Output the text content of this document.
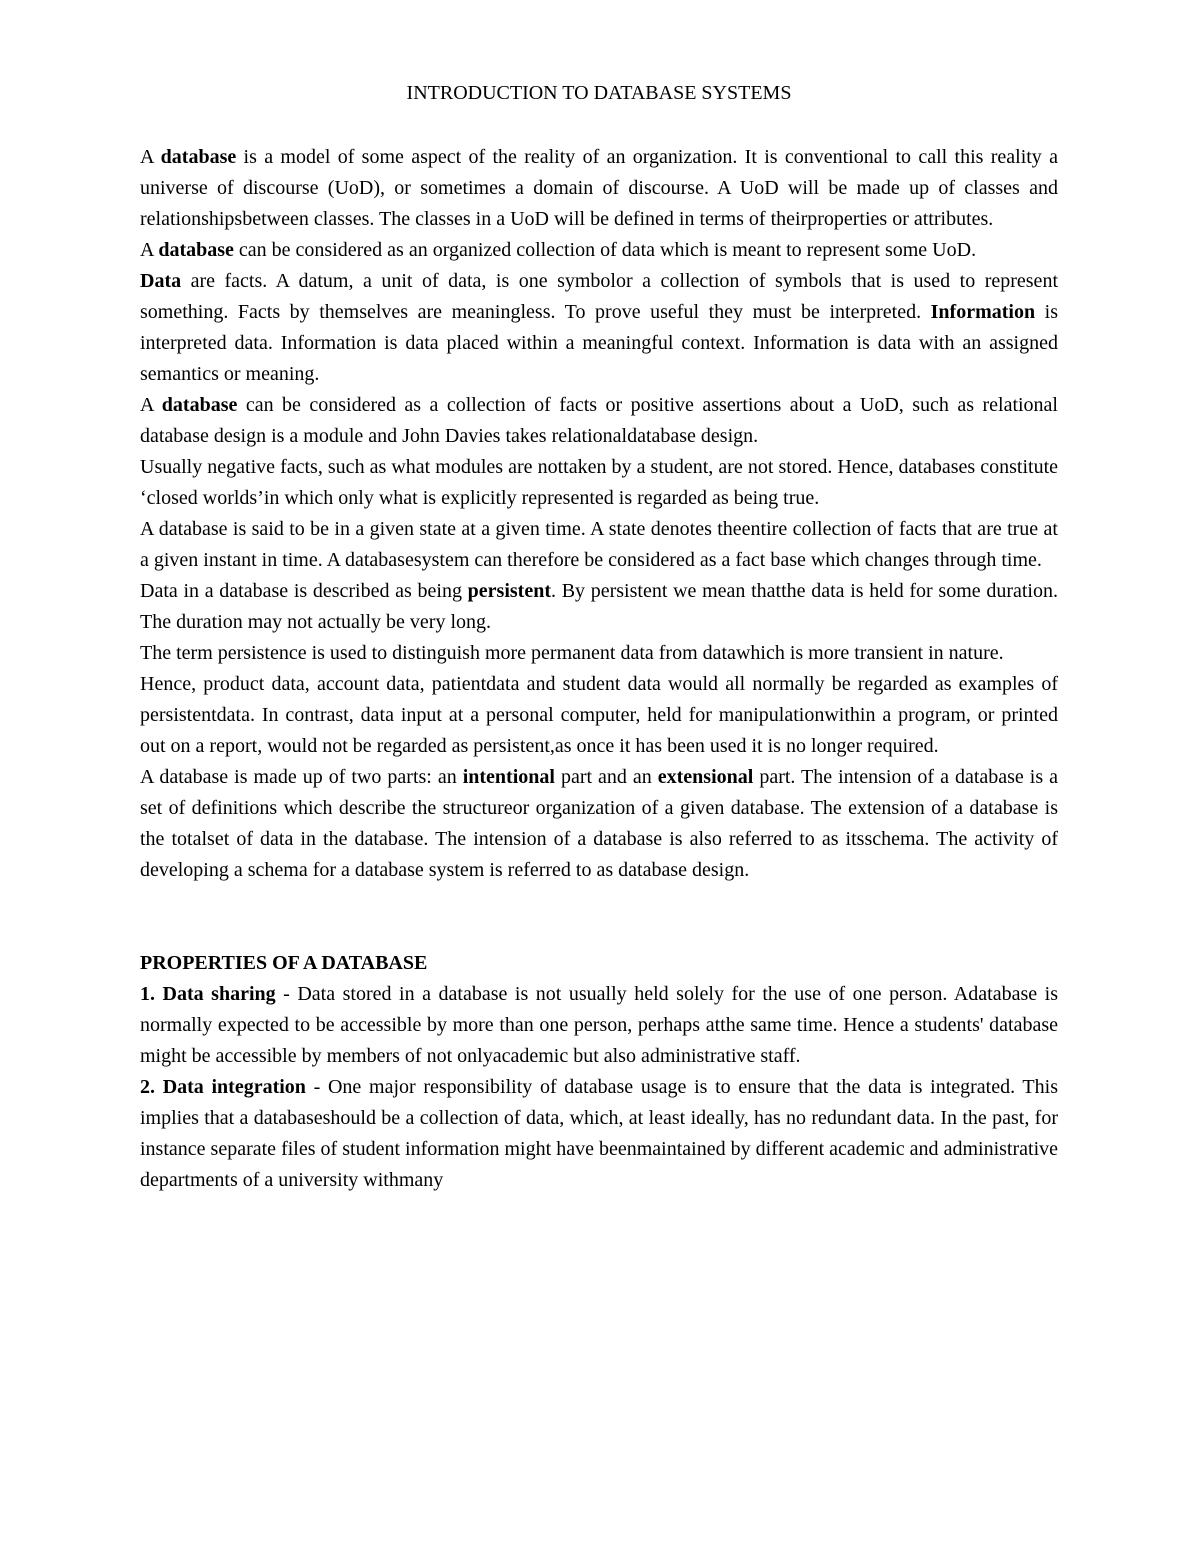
INTRODUCTION TO DATABASE SYSTEMS

A database is a model of some aspect of the reality of an organization. It is conventional to call this reality a universe of discourse (UoD), or sometimes a domain of discourse. A UoD will be made up of classes and relationshipsbetween classes. The classes in a UoD will be defined in terms of theirproperties or attributes.

A database can be considered as an organized collection of data which is meant to represent some UoD.

Data are facts. A datum, a unit of data, is one symbolor a collection of symbols that is used to represent something. Facts by themselves are meaningless. To prove useful they must be interpreted. Information is interpreted data. Information is data placed within a meaningful context. Information is data with an assigned semantics or meaning.

A database can be considered as a collection of facts or positive assertions about a UoD, such as relational database design is a module and John Davies takes relationaldatabase design.

Usually negative facts, such as what modules are nottaken by a student, are not stored. Hence, databases constitute ‘closed worlds’in which only what is explicitly represented is regarded as being true.

A database is said to be in a given state at a given time. A state denotes theentire collection of facts that are true at a given instant in time. A databasesystem can therefore be considered as a fact base which changes through time.

Data in a database is described as being persistent. By persistent we mean thatthe data is held for some duration. The duration may not actually be very long.

The term persistence is used to distinguish more permanent data from datawhich is more transient in nature.

Hence, product data, account data, patientdata and student data would all normally be regarded as examples of persistentdata. In contrast, data input at a personal computer, held for manipulationwithin a program, or printed out on a report, would not be regarded as persistent,as once it has been used it is no longer required.

A database is made up of two parts: an intentional part and an extensional part. The intension of a database is a set of definitions which describe the structureor organization of a given database. The extension of a database is the totalset of data in the database. The intension of a database is also referred to as itsschema. The activity of developing a schema for a database system is referred to as database design.

PROPERTIES OF A DATABASE

1. Data sharing - Data stored in a database is not usually held solely for the use of one person. Adatabase is normally expected to be accessible by more than one person, perhaps atthe same time. Hence a students' database might be accessible by members of not onlyacademic but also administrative staff.

2. Data integration - One major responsibility of database usage is to ensure that the data is integrated. This implies that a databaseshould be a collection of data, which, at least ideally, has no redundant data. In the past, for instance separate files of student information might have beenmaintained by different academic and administrative departments of a university withmany
